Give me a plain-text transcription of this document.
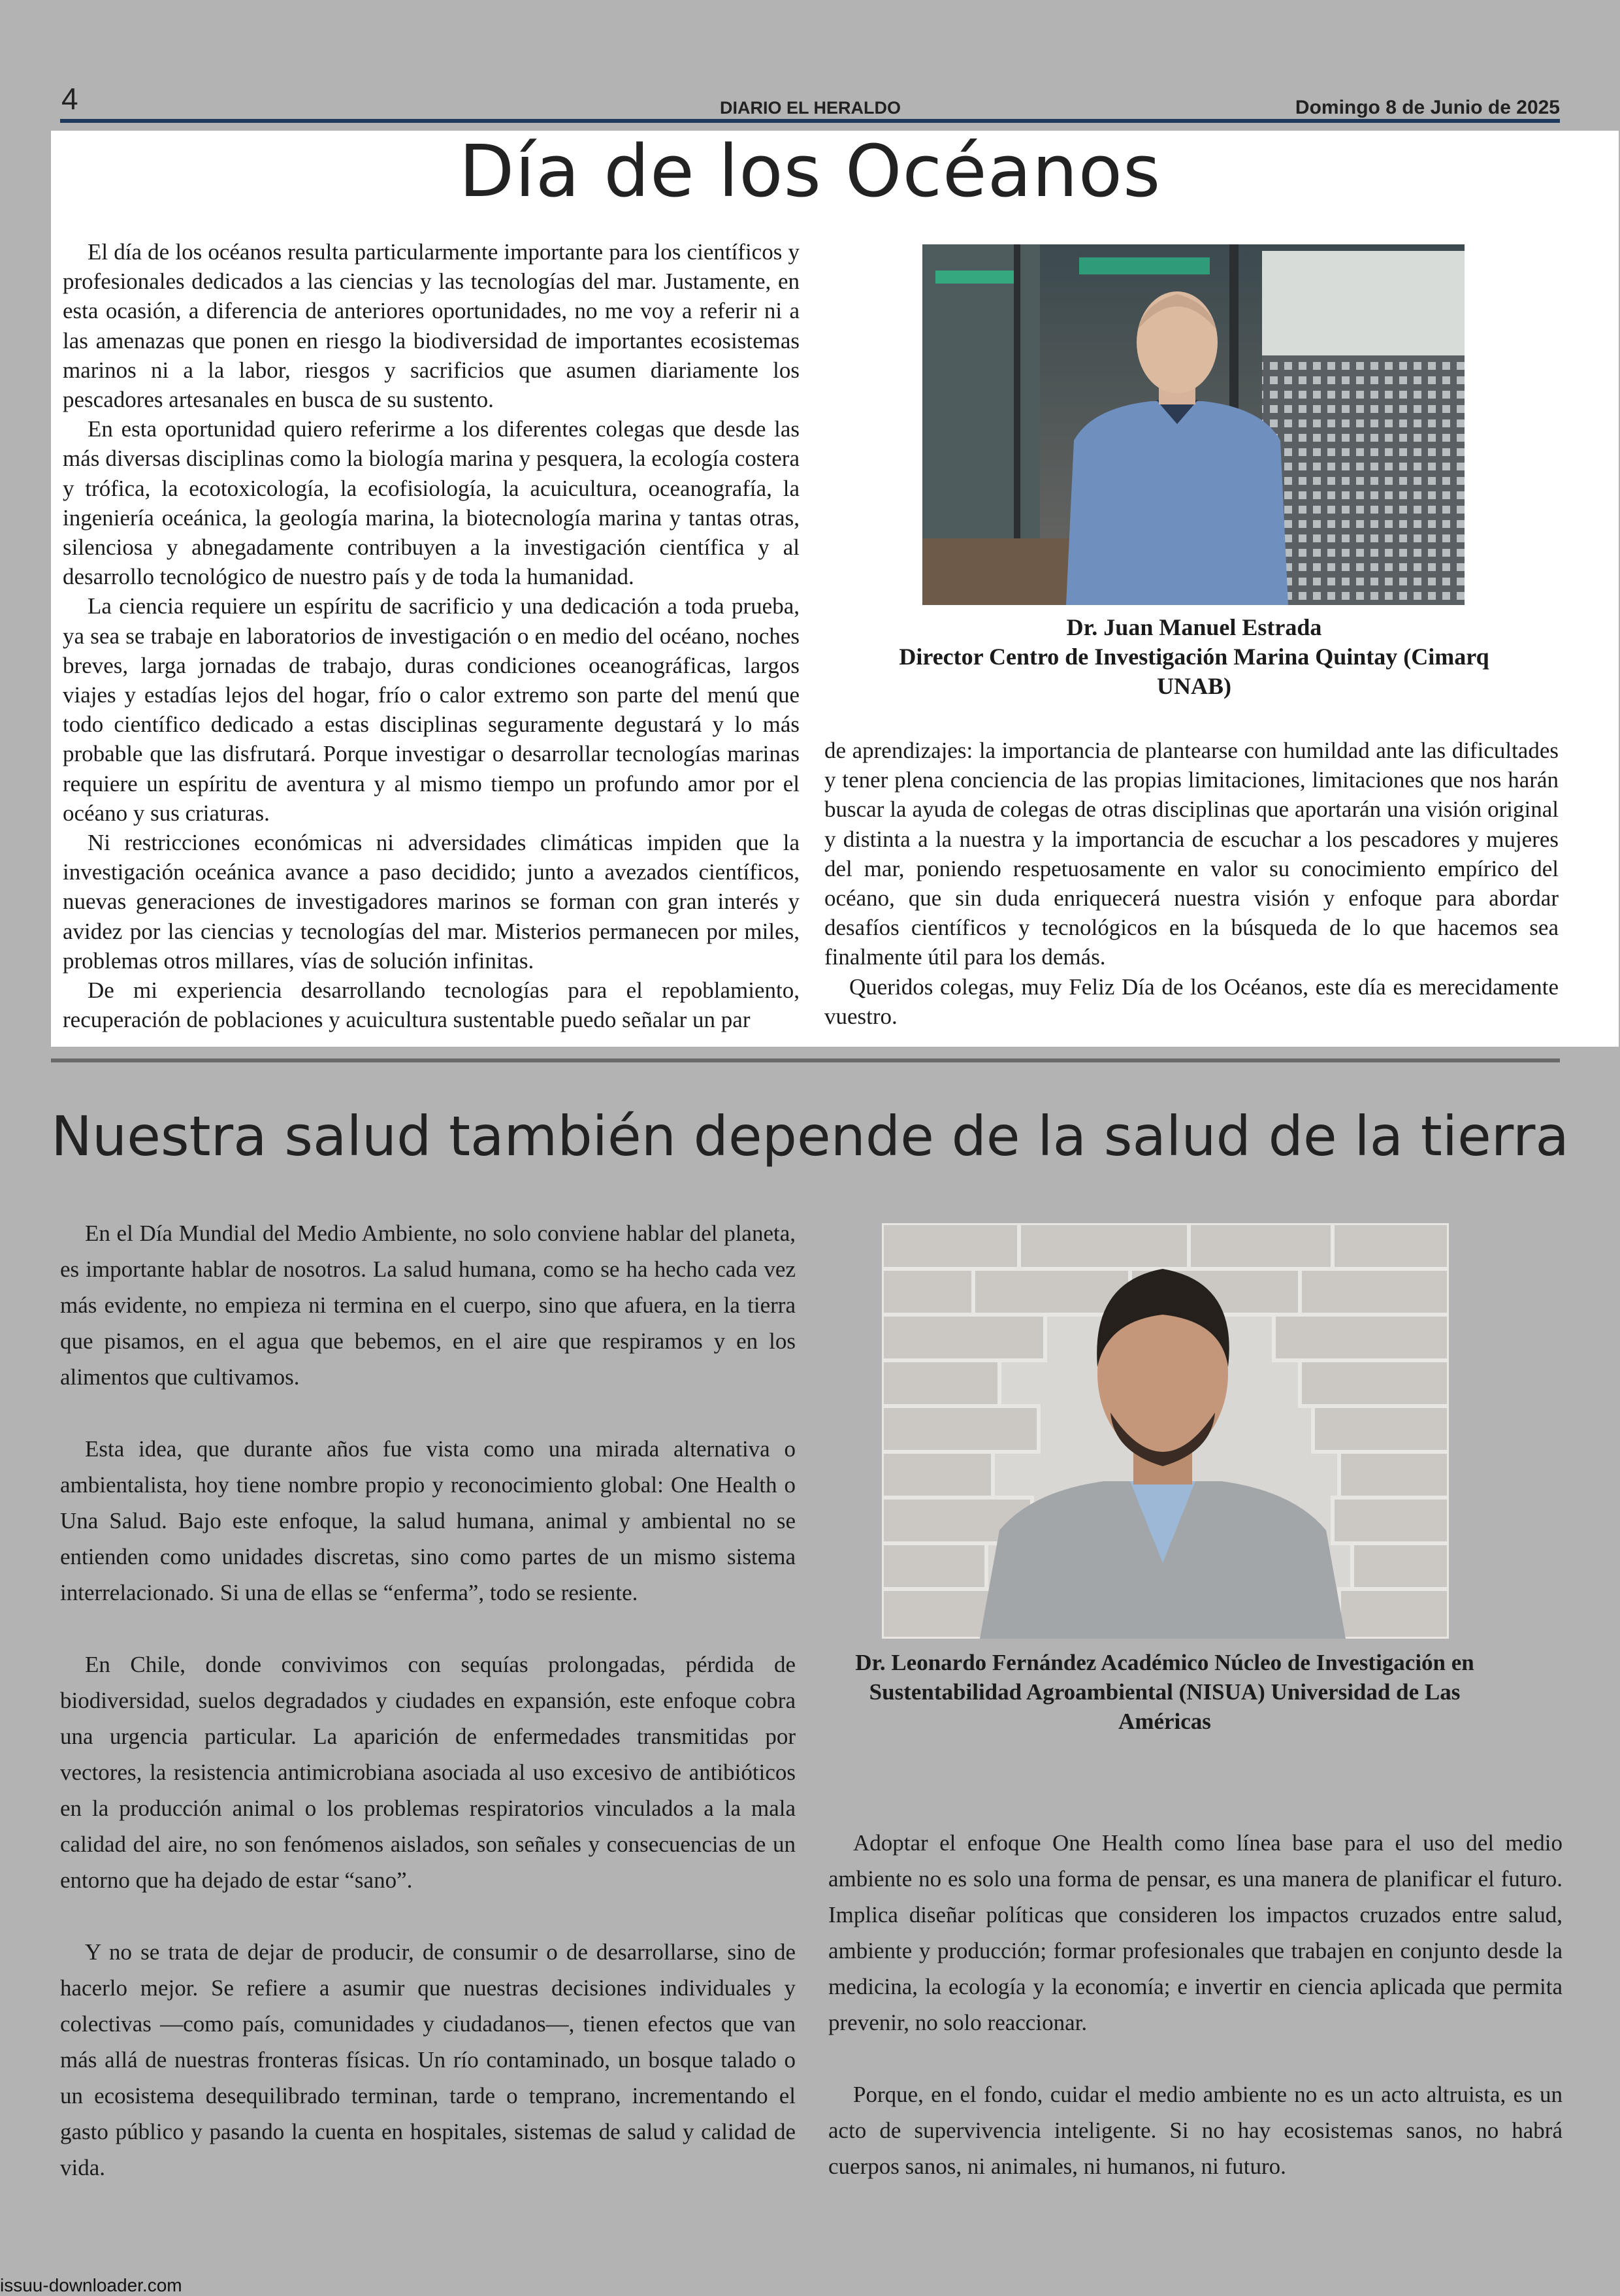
4	DIARIO EL HERALDO	Domingo 8 de Junio de 2025
Día de los Océanos

El día de los océanos resulta particularmente importante para los científicos y profesionales dedicados a las ciencias y las tecnologías del mar. Justamente, en esta ocasión, a diferencia de anteriores oportunidades, no me voy a referir ni a las amenazas que ponen en riesgo la biodiversidad de importantes ecosistemas marinos ni a la labor, riesgos y sacrificios que asumen diariamente los pescadores artesanales en busca de su sustento.

En esta oportunidad quiero referirme a los diferentes colegas que desde las más diversas disciplinas como la biología marina y pesquera, la ecología costera y trófica, la ecotoxicología, la ecofisiología, la acuicultura, oceanografía, la ingeniería oceánica, la geología marina, la biotecnología marina y tantas otras, silenciosa y abnegadamente contribuyen a la investigación científica y al desarrollo tecnológico de nuestro país y de toda la humanidad.

La ciencia requiere un espíritu de sacrificio y una dedicación a toda prueba, ya sea se trabaje en laboratorios de investigación o en medio del océano, noches breves, larga jornadas de trabajo, duras condiciones oceanográficas, largos viajes y estadías lejos del hogar, frío o calor extremo son parte del menú que todo científico dedicado a estas disciplinas seguramente degustará y lo más probable que las disfrutará. Porque investigar o desarrollar tecnologías marinas requiere un espíritu de aventura y al mismo tiempo un profundo amor por el océano y sus criaturas.

Ni restricciones económicas ni adversidades climáticas impiden que la investigación oceánica avance a paso decidido; junto a avezados científicos, nuevas generaciones de investigadores marinos se forman con gran interés y avidez por las ciencias y tecnologías del mar. Misterios permanecen por miles, problemas otros millares, vías de solución infinitas.

De mi experiencia desarrollando tecnologías para el repoblamiento, recuperación de poblaciones y acuicultura sustentable puedo señalar un par

Dr. Juan Manuel Estrada
Director Centro de Investigación Marina Quintay (Cimarq UNAB)

de aprendizajes: la importancia de plantearse con humildad ante las dificultades y tener plena conciencia de las propias limitaciones, limitaciones que nos harán buscar la ayuda de colegas de otras disciplinas que aportarán una visión original y distinta a la nuestra y la importancia de escuchar a los pescadores y mujeres del mar, poniendo respetuosamente en valor su conocimiento empírico del océano, que sin duda enriquecerá nuestra visión y enfoque para abordar desafíos científicos y tecnológicos en la búsqueda de lo que hacemos sea finalmente útil para los demás.

Queridos colegas, muy Feliz Día de los Océanos, este día es merecidamente vuestro.

Nuestra salud también depende de la salud de la tierra

En el Día Mundial del Medio Ambiente, no solo conviene hablar del planeta, es importante hablar de nosotros. La salud humana, como se ha hecho cada vez más evidente, no empieza ni termina en el cuerpo, sino que afuera, en la tierra que pisamos, en el agua que bebemos, en el aire que respiramos y en los alimentos que cultivamos.

Esta idea, que durante años fue vista como una mirada alternativa o ambientalista, hoy tiene nombre propio y reconocimiento global: One Health o Una Salud. Bajo este enfoque, la salud humana, animal y ambiental no se entienden como unidades discretas, sino como partes de un mismo sistema interrelacionado. Si una de ellas se “enferma”, todo se resiente.

En Chile, donde convivimos con sequías prolongadas, pérdida de biodiversidad, suelos degradados y ciudades en expansión, este enfoque cobra una urgencia particular. La aparición de enfermedades transmitidas por vectores, la resistencia antimicrobiana asociada al uso excesivo de antibióticos en la producción animal o los problemas respiratorios vinculados a la mala calidad del aire, no son fenómenos aislados, son señales y consecuencias de un entorno que ha dejado de estar “sano”.

Y no se trata de dejar de producir, de consumir o de desarrollarse, sino de hacerlo mejor. Se refiere a asumir que nuestras decisiones individuales y colectivas —como país, comunidades y ciudadanos—, tienen efectos que van más allá de nuestras fronteras físicas. Un río contaminado, un bosque talado o un ecosistema desequilibrado terminan, tarde o temprano, incrementando el gasto público y pasando la cuenta en hospitales, sistemas de salud y calidad de vida.

Dr. Leonardo Fernández Académico Núcleo de Investigación en Sustentabilidad Agroambiental (NISUA) Universidad de Las Américas

Adoptar el enfoque One Health como línea base para el uso del medio ambiente no es solo una forma de pensar, es una manera de planificar el futuro. Implica diseñar políticas que consideren los impactos cruzados entre salud, ambiente y producción; formar profesionales que trabajen en conjunto desde la medicina, la ecología y la economía; e invertir en ciencia aplicada que permita prevenir, no solo reaccionar.

Porque, en el fondo, cuidar el medio ambiente no es un acto altruista, es un acto de supervivencia inteligente. Si no hay ecosistemas sanos, no habrá cuerpos sanos, ni animales, ni humanos, ni futuro.

issuu-downloader.com
